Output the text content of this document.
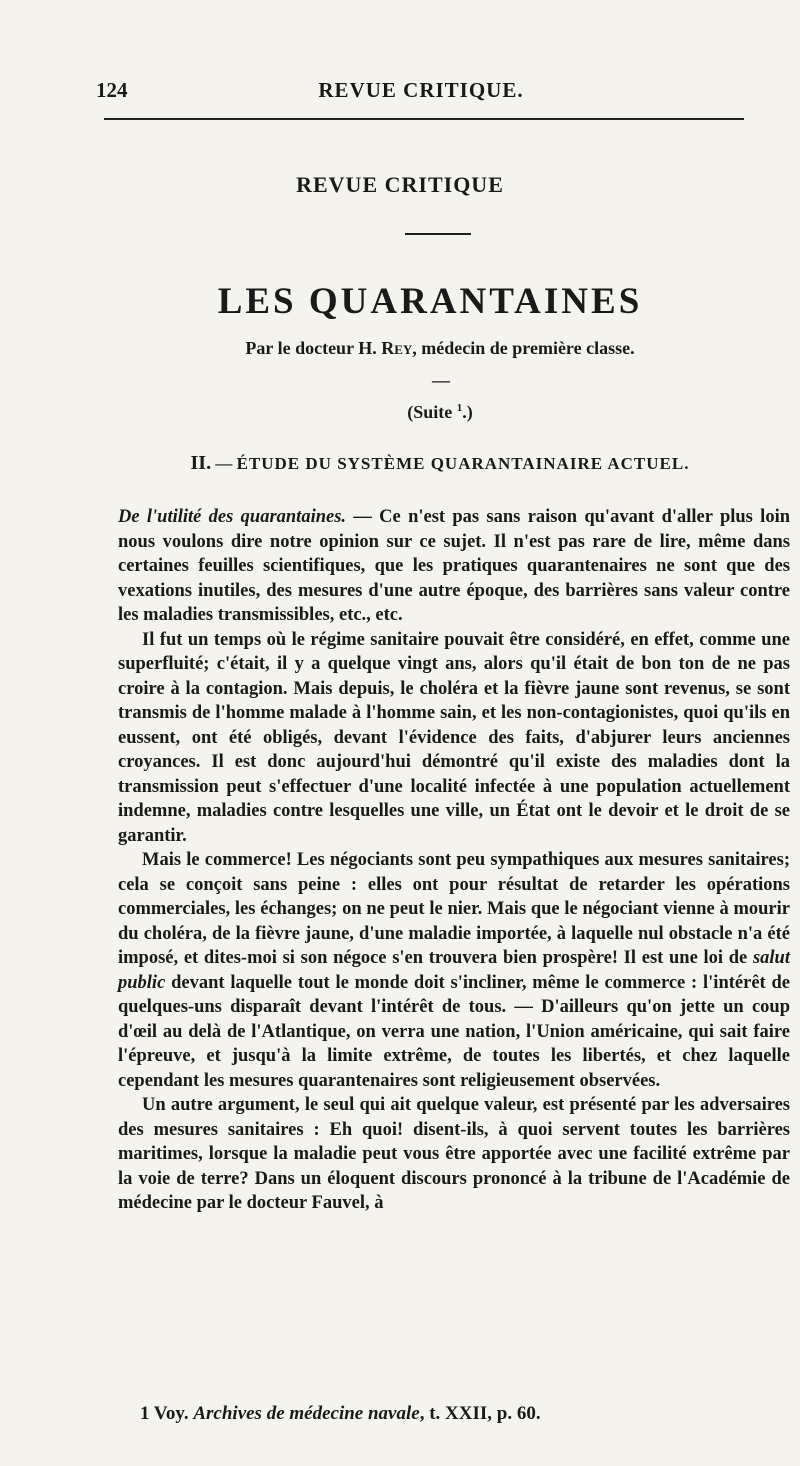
124	REVUE CRITIQUE.
REVUE CRITIQUE
LES QUARANTAINES
Par le docteur H. Rey, médecin de première classe.
—
(Suite $^1$.)
II. — ÉTUDE DU SYSTÈME QUARANTAINAIRE ACTUEL.

De l'utilité des quarantaines. — Ce n'est pas sans raison qu'avant d'aller plus loin nous voulons dire notre opinion sur ce sujet. Il n'est pas rare de lire, même dans certaines feuilles scientifiques, que les pratiques quarantenaires ne sont que des vexations inutiles, des mesures d'une autre époque, des barrières sans valeur contre les maladies transmissibles, etc., etc.

Il fut un temps où le régime sanitaire pouvait être considéré, en effet, comme une superfluité; c'était, il y a quelque vingt ans, alors qu'il était de bon ton de ne pas croire à la contagion. Mais depuis, le choléra et la fièvre jaune sont revenus, se sont transmis de l'homme malade à l'homme sain, et les non-contagionistes, quoi qu'ils en eussent, ont été obligés, devant l'évidence des faits, d'abjurer leurs anciennes croyances. Il est donc aujourd'hui démontré qu'il existe des maladies dont la transmission peut s'effectuer d'une localité infectée à une population actuellement indemne, maladies contre lesquelles une ville, un État ont le devoir et le droit de se garantir.

Mais le commerce! Les négociants sont peu sympathiques aux mesures sanitaires; cela se conçoit sans peine : elles ont pour résultat de retarder les opérations commerciales, les échanges; on ne peut le nier. Mais que le négociant vienne à mourir du choléra, de la fièvre jaune, d'une maladie importée, à laquelle nul obstacle n'a été imposé, et dites-moi si son négoce s'en trouvera bien prospère! Il est une loi de salut public devant laquelle tout le monde doit s'incliner, même le commerce : l'intérêt de quelques-uns disparaît devant l'intérêt de tous. — D'ailleurs qu'on jette un coup d'œil au delà de l'Atlantique, on verra une nation, l'Union américaine, qui sait faire l'épreuve, et jusqu'à la limite extrême, de toutes les libertés, et chez laquelle cependant les mesures quarantenaires sont religieusement observées.

Un autre argument, le seul qui ait quelque valeur, est présenté par les adversaires des mesures sanitaires : Eh quoi! disent-ils, à quoi servent toutes les barrières maritimes, lorsque la maladie peut vous être apportée avec une facilité extrême par la voie de terre? Dans un éloquent discours prononcé à la tribune de l'Académie de médecine par le docteur Fauvel, à

1 Voy. Archives de médecine navale, t. XXII, p. 60.
